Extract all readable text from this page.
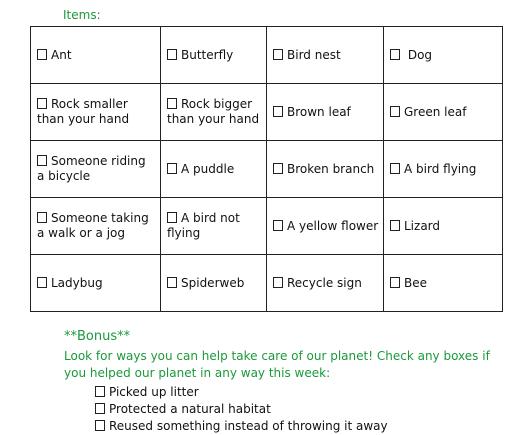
Items:
Ant	Butterfly	Bird nest	Dog
Rock smaller than your hand	Rock bigger than your hand	Brown leaf	Green leaf
Someone riding a bicycle	A puddle	Broken branch	A bird flying
Someone taking a walk or a jog	A bird not flying	A yellow flower	Lizard
Ladybug	Spiderweb	Recycle sign	Bee
**Bonus**
Look for ways you can help take care of our planet! Check any boxes if you helped our planet in any way this week:
Picked up litter
Protected a natural habitat
Reused something instead of throwing it away
